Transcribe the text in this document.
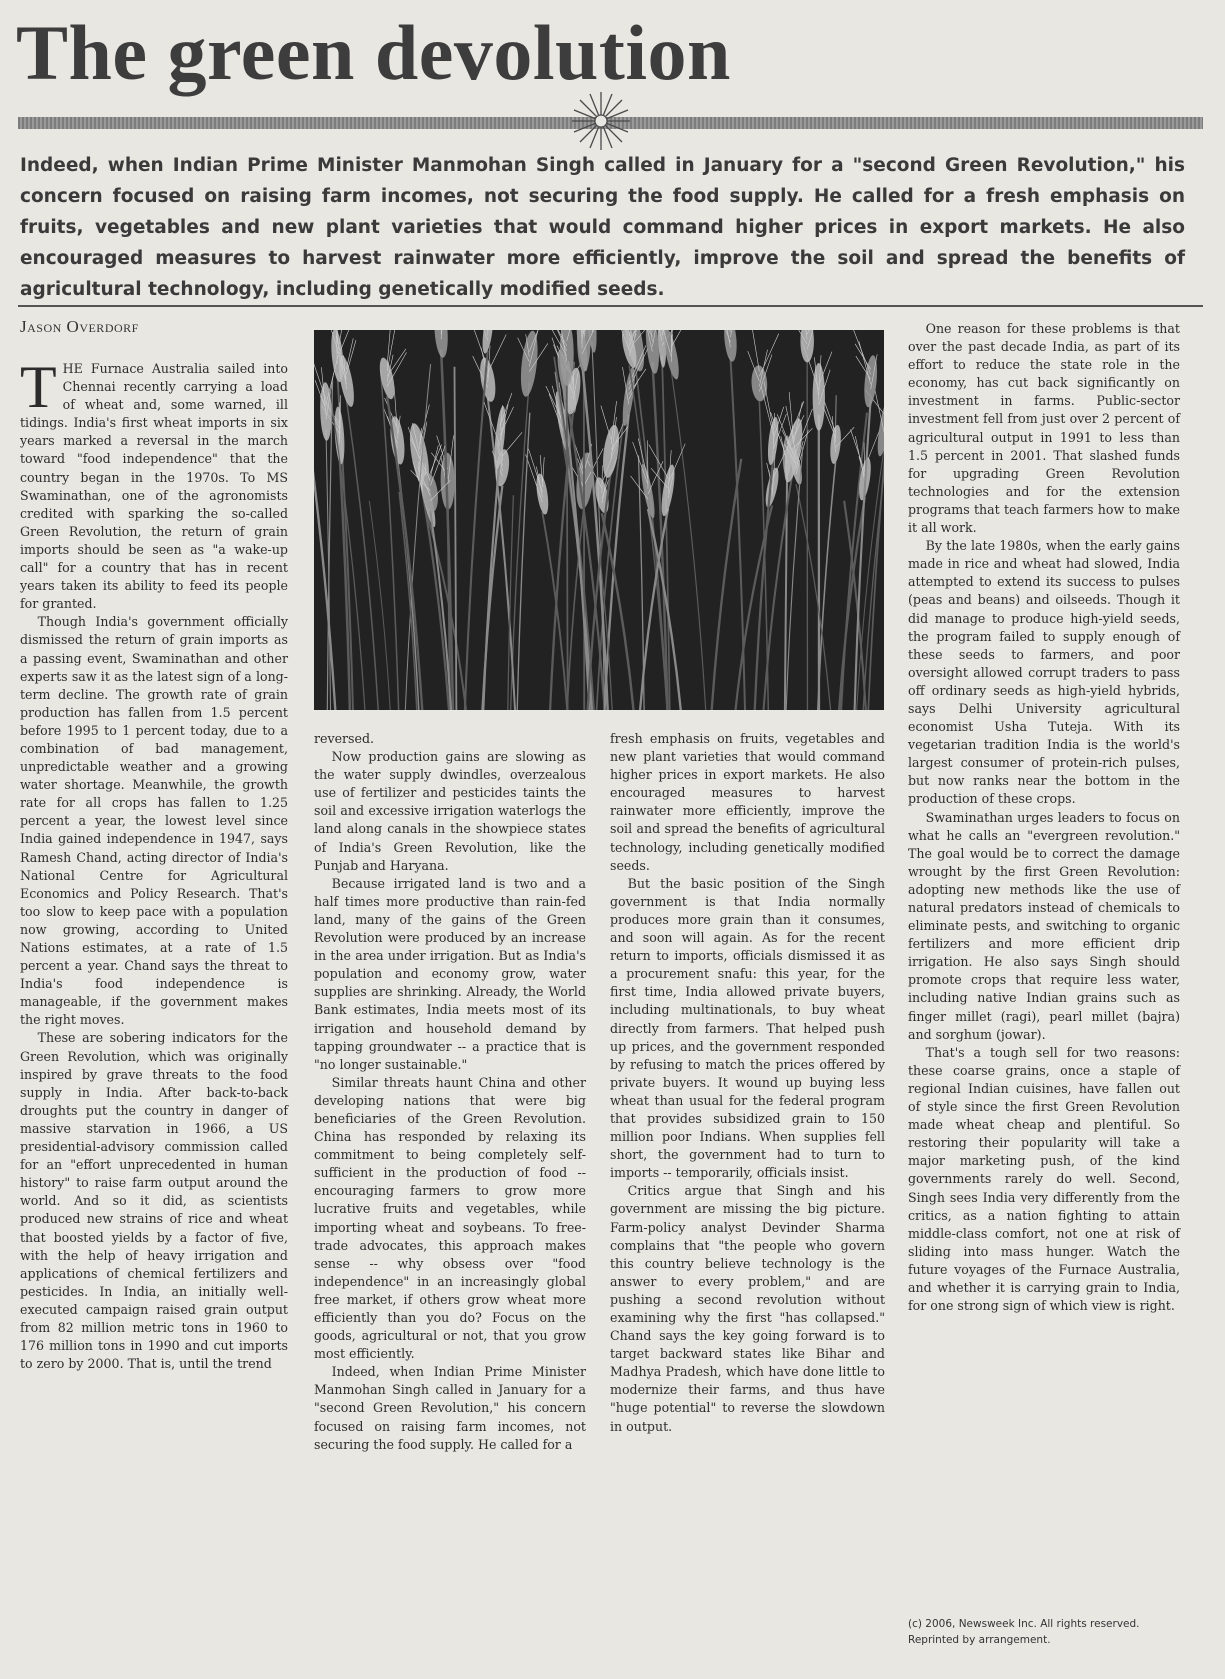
The green devolution

Indeed, when Indian Prime Minister Manmohan Singh called in January for a "second Green Revolution," his concern focused on raising farm incomes, not securing the food supply. He called for a fresh emphasis on fruits, vegetables and new plant varieties that would command higher prices in export markets. He also encouraged measures to harvest rainwater more efficiently, improve the soil and spread the benefits of agricultural technology, including genetically modified seeds.

Jason Overdorf

THE Furnace Australia sailed into Chennai recently carrying a load of wheat and, some warned, ill tidings. India's first wheat imports in six years marked a reversal in the march toward "food independence" that the country began in the 1970s. To MS Swaminathan, one of the agronomists credited with sparking the so-called Green Revolution, the return of grain imports should be seen as "a wake-up call" for a country that has in recent years taken its ability to feed its people for granted.

Though India's government officially dismissed the return of grain imports as a passing event, Swaminathan and other experts saw it as the latest sign of a long-term decline. The growth rate of grain production has fallen from 1.5 percent before 1995 to 1 percent today, due to a combination of bad management, unpredictable weather and a growing water shortage. Meanwhile, the growth rate for all crops has fallen to 1.25 percent a year, the lowest level since India gained independence in 1947, says Ramesh Chand, acting director of India's National Centre for Agricultural Economics and Policy Research. That's too slow to keep pace with a population now growing, according to United Nations estimates, at a rate of 1.5 percent a year. Chand says the threat to India's food independence is manageable, if the government makes the right moves.

These are sobering indicators for the Green Revolution, which was originally inspired by grave threats to the food supply in India. After back-to-back droughts put the country in danger of massive starvation in 1966, a US presidential-advisory commission called for an "effort unprecedented in human history" to raise farm output around the world. And so it did, as scientists produced new strains of rice and wheat that boosted yields by a factor of five, with the help of heavy irrigation and applications of chemical fertilizers and pesticides. In India, an initially well-executed campaign raised grain output from 82 million metric tons in 1960 to 176 million tons in 1990 and cut imports to zero by 2000. That is, until the trend

reversed.

Now production gains are slowing as the water supply dwindles, overzealous use of fertilizer and pesticides taints the soil and excessive irrigation waterlogs the land along canals in the showpiece states of India's Green Revolution, like the Punjab and Haryana.

Because irrigated land is two and a half times more productive than rain-fed land, many of the gains of the Green Revolution were produced by an increase in the area under irrigation. But as India's population and economy grow, water supplies are shrinking. Already, the World Bank estimates, India meets most of its irrigation and household demand by tapping groundwater -- a practice that is "no longer sustainable."

Similar threats haunt China and other developing nations that were big beneficiaries of the Green Revolution. China has responded by relaxing its commitment to being completely self-sufficient in the production of food -- encouraging farmers to grow more lucrative fruits and vegetables, while importing wheat and soybeans. To free-trade advocates, this approach makes sense -- why obsess over "food independence" in an increasingly global free market, if others grow wheat more efficiently than you do? Focus on the goods, agricultural or not, that you grow most efficiently.

Indeed, when Indian Prime Minister Manmohan Singh called in January for a "second Green Revolution," his concern focused on raising farm incomes, not securing the food supply. He called for a

fresh emphasis on fruits, vegetables and new plant varieties that would command higher prices in export markets. He also encouraged measures to harvest rainwater more efficiently, improve the soil and spread the benefits of agricultural technology, including genetically modified seeds.

But the basic position of the Singh government is that India normally produces more grain than it consumes, and soon will again. As for the recent return to imports, officials dismissed it as a procurement snafu: this year, for the first time, India allowed private buyers, including multinationals, to buy wheat directly from farmers. That helped push up prices, and the government responded by refusing to match the prices offered by private buyers. It wound up buying less wheat than usual for the federal program that provides subsidized grain to 150 million poor Indians. When supplies fell short, the government had to turn to imports -- temporarily, officials insist.

Critics argue that Singh and his government are missing the big picture. Farm-policy analyst Devinder Sharma complains that "the people who govern this country believe technology is the answer to every problem," and are pushing a second revolution without examining why the first "has collapsed." Chand says the key going forward is to target backward states like Bihar and Madhya Pradesh, which have done little to modernize their farms, and thus have "huge potential" to reverse the slowdown in output.

One reason for these problems is that over the past decade India, as part of its effort to reduce the state role in the economy, has cut back significantly on investment in farms. Public-sector investment fell from just over 2 percent of agricultural output in 1991 to less than 1.5 percent in 2001. That slashed funds for upgrading Green Revolution technologies and for the extension programs that teach farmers how to make it all work.

By the late 1980s, when the early gains made in rice and wheat had slowed, India attempted to extend its success to pulses (peas and beans) and oilseeds. Though it did manage to produce high-yield seeds, the program failed to supply enough of these seeds to farmers, and poor oversight allowed corrupt traders to pass off ordinary seeds as high-yield hybrids, says Delhi University agricultural economist Usha Tuteja. With its vegetarian tradition India is the world's largest consumer of protein-rich pulses, but now ranks near the bottom in the production of these crops.

Swaminathan urges leaders to focus on what he calls an "evergreen revolution." The goal would be to correct the damage wrought by the first Green Revolution: adopting new methods like the use of natural predators instead of chemicals to eliminate pests, and switching to organic fertilizers and more efficient drip irrigation. He also says Singh should promote crops that require less water, including native Indian grains such as finger millet (ragi), pearl millet (bajra) and sorghum (jowar).

That's a tough sell for two reasons: these coarse grains, once a staple of regional Indian cuisines, have fallen out of style since the first Green Revolution made wheat cheap and plentiful. So restoring their popularity will take a major marketing push, of the kind governments rarely do well. Second, Singh sees India very differently from the critics, as a nation fighting to attain middle-class comfort, not one at risk of sliding into mass hunger. Watch the future voyages of the Furnace Australia, and whether it is carrying grain to India, for one strong sign of which view is right.

(c) 2006, Newsweek Inc. All rights reserved.
Reprinted by arrangement.
